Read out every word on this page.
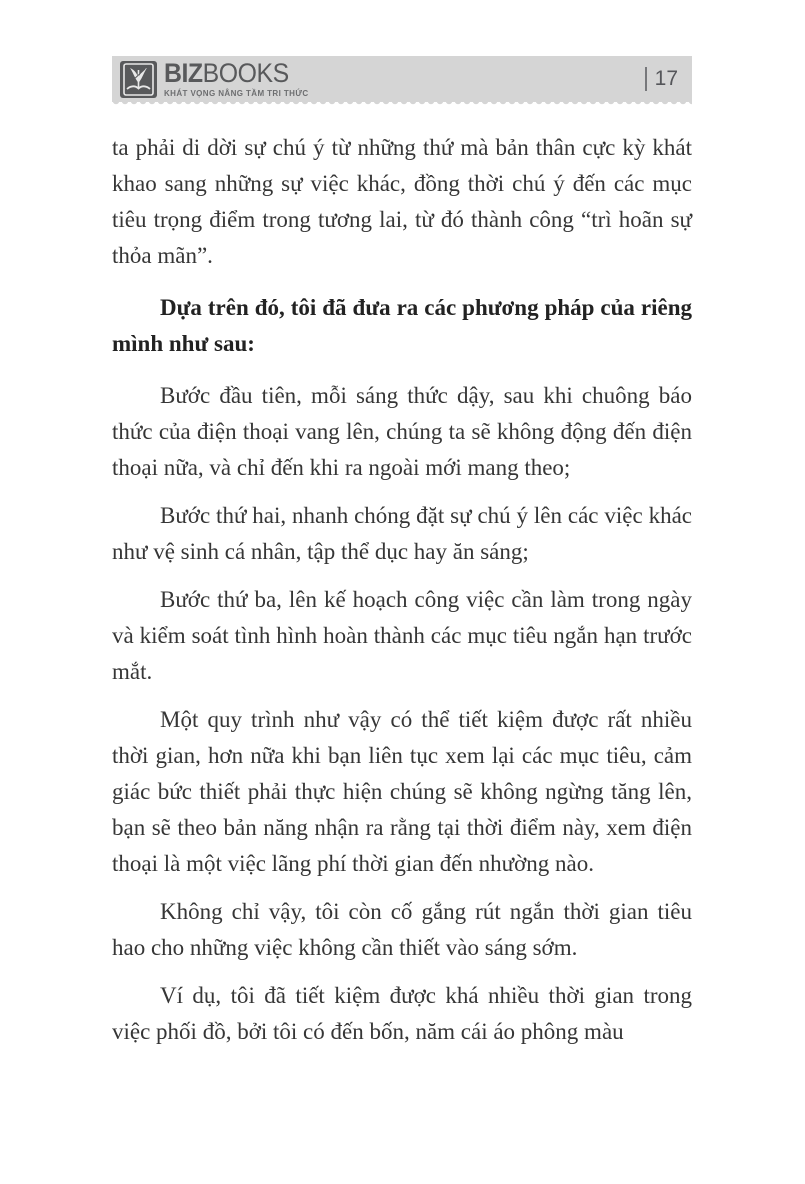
BIZBOOKS
KHÁT VỌNG NÂNG TẦM TRI THỨC
17

ta phải di dời sự chú ý từ những thứ mà bản thân cực kỳ khát khao sang những sự việc khác, đồng thời chú ý đến các mục tiêu trọng điểm trong tương lai, từ đó thành công “trì hoãn sự thỏa mãn”.

Dựa trên đó, tôi đã đưa ra các phương pháp của riêng mình như sau:

Bước đầu tiên, mỗi sáng thức dậy, sau khi chuông báo thức của điện thoại vang lên, chúng ta sẽ không động đến điện thoại nữa, và chỉ đến khi ra ngoài mới mang theo;

Bước thứ hai, nhanh chóng đặt sự chú ý lên các việc khác như vệ sinh cá nhân, tập thể dục hay ăn sáng;

Bước thứ ba, lên kế hoạch công việc cần làm trong ngày và kiểm soát tình hình hoàn thành các mục tiêu ngắn hạn trước mắt.

Một quy trình như vậy có thể tiết kiệm được rất nhiều thời gian, hơn nữa khi bạn liên tục xem lại các mục tiêu, cảm giác bức thiết phải thực hiện chúng sẽ không ngừng tăng lên, bạn sẽ theo bản năng nhận ra rằng tại thời điểm này, xem điện thoại là một việc lãng phí thời gian đến nhường nào.

Không chỉ vậy, tôi còn cố gắng rút ngắn thời gian tiêu hao cho những việc không cần thiết vào sáng sớm.

Ví dụ, tôi đã tiết kiệm được khá nhiều thời gian trong việc phối đồ, bởi tôi có đến bốn, năm cái áo phông màu
